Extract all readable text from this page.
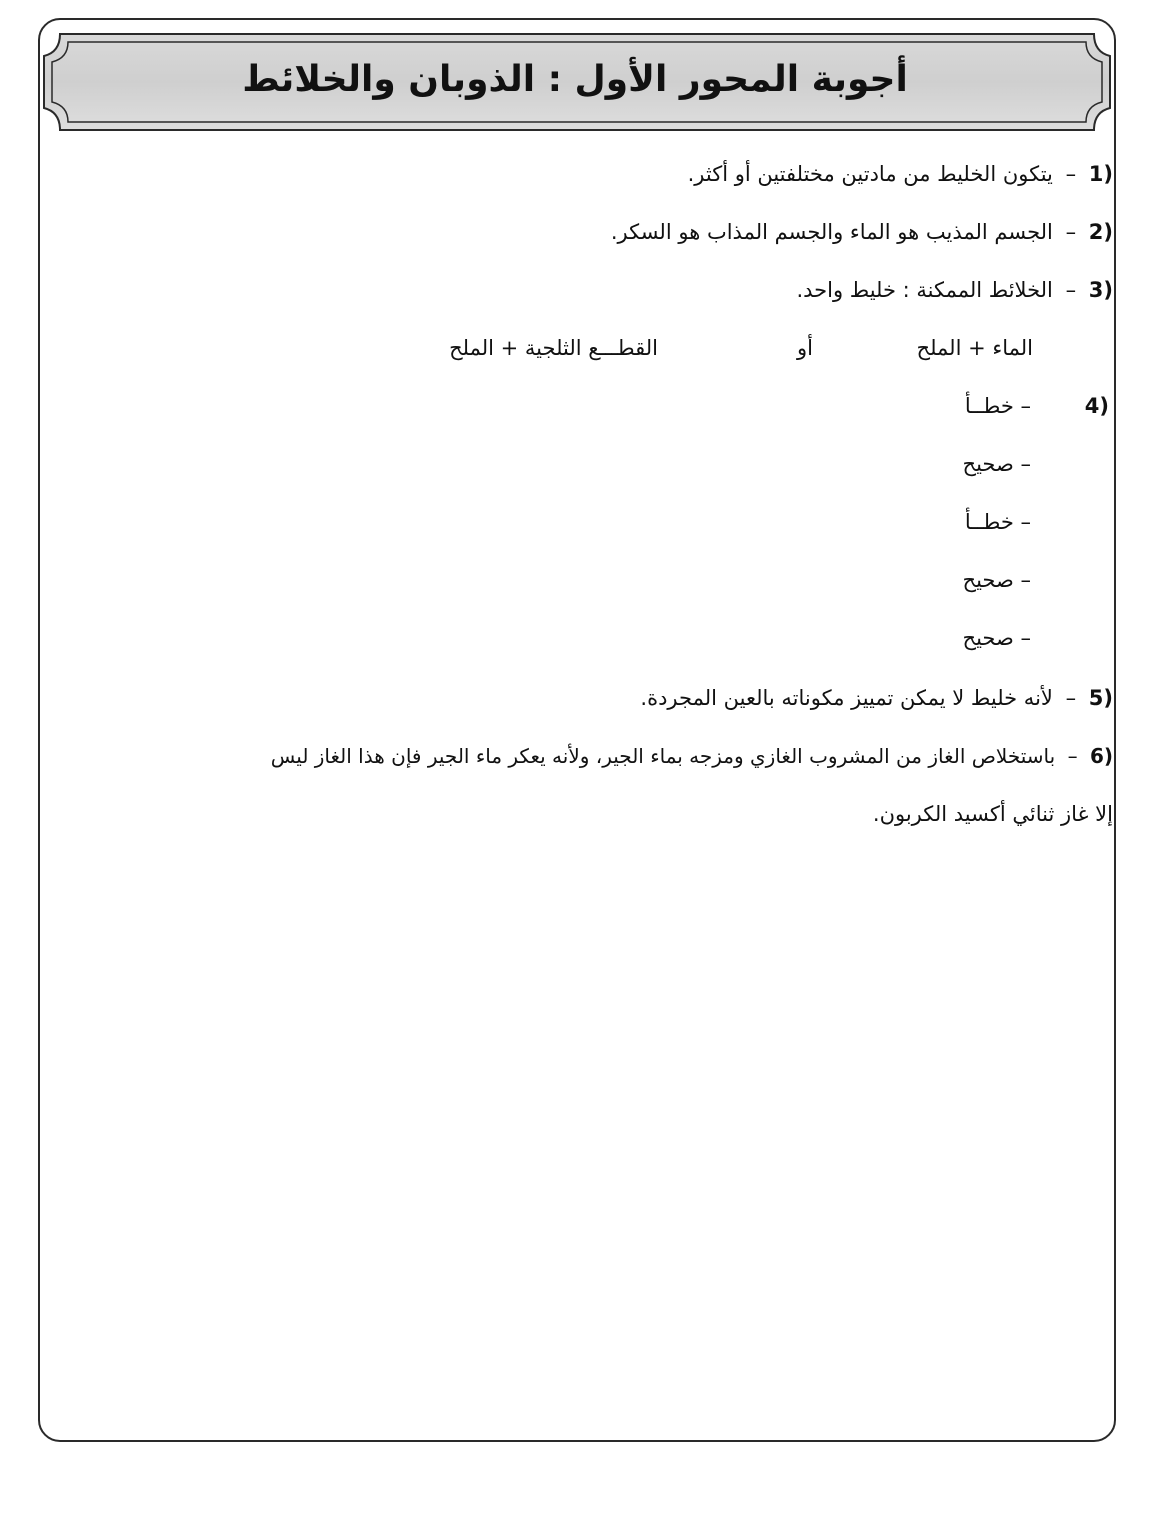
أجوبة المحور الأول : الذوبان والخلائط
(1 – يتكون الخليط من مادتين مختلفتين أو أكثر.
(2 – الجسم المذيب هو الماء والجسم المذاب هو السكر.
(3 – الخلائط الممكنة : خليط واحد.
الماء + الملح
أو
القطـــع الثلجية + الملح
(4
– خطــأ
– صحيح
– خطــأ
– صحيح
– صحيح
(5 – لأنه خليط لا يمكن تمييز مكوناته بالعين المجردة.
(6 – باستخلاص الغاز من المشروب الغازي ومزجه بماء الجير، ولأنه يعكر ماء الجير فإن هذا الغاز ليس
إلا غاز ثنائي أكسيد الكربون.
